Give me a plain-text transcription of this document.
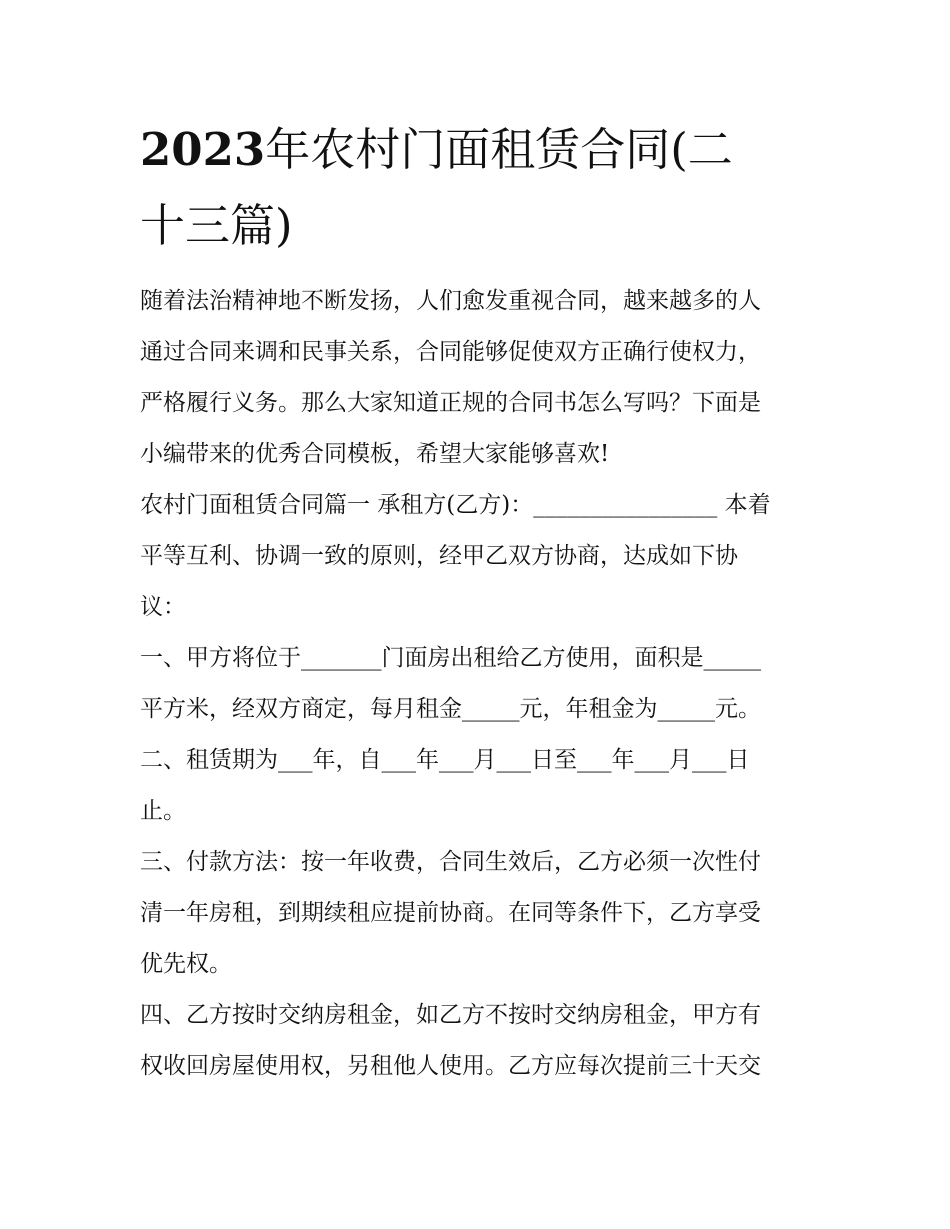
2023年农村门面租赁合同(二
十三篇)
随着法治精神地不断发扬，人们愈发重视合同，越来越多的人
通过合同来调和民事关系，合同能够促使双方正确行使权力，
严格履行义务。那么大家知道正规的合同书怎么写吗？下面是
小编带来的优秀合同模板，希望大家能够喜欢!
农村门面租赁合同篇一 承租方(乙方)：________________ 本着
平等互利、协调一致的原则，经甲乙双方协商，达成如下协
议：
一、甲方将位于_______门面房出租给乙方使用，面积是_____
平方米，经双方商定，每月租金_____元，年租金为_____元。
二、租赁期为___年，自___年___月___日至___年___月___日
止。
三、付款方法：按一年收费，合同生效后，乙方必须一次性付
清一年房租，到期续租应提前协商。在同等条件下，乙方享受
优先权。
四、乙方按时交纳房租金，如乙方不按时交纳房租金，甲方有
权收回房屋使用权，另租他人使用。乙方应每次提前三十天交
